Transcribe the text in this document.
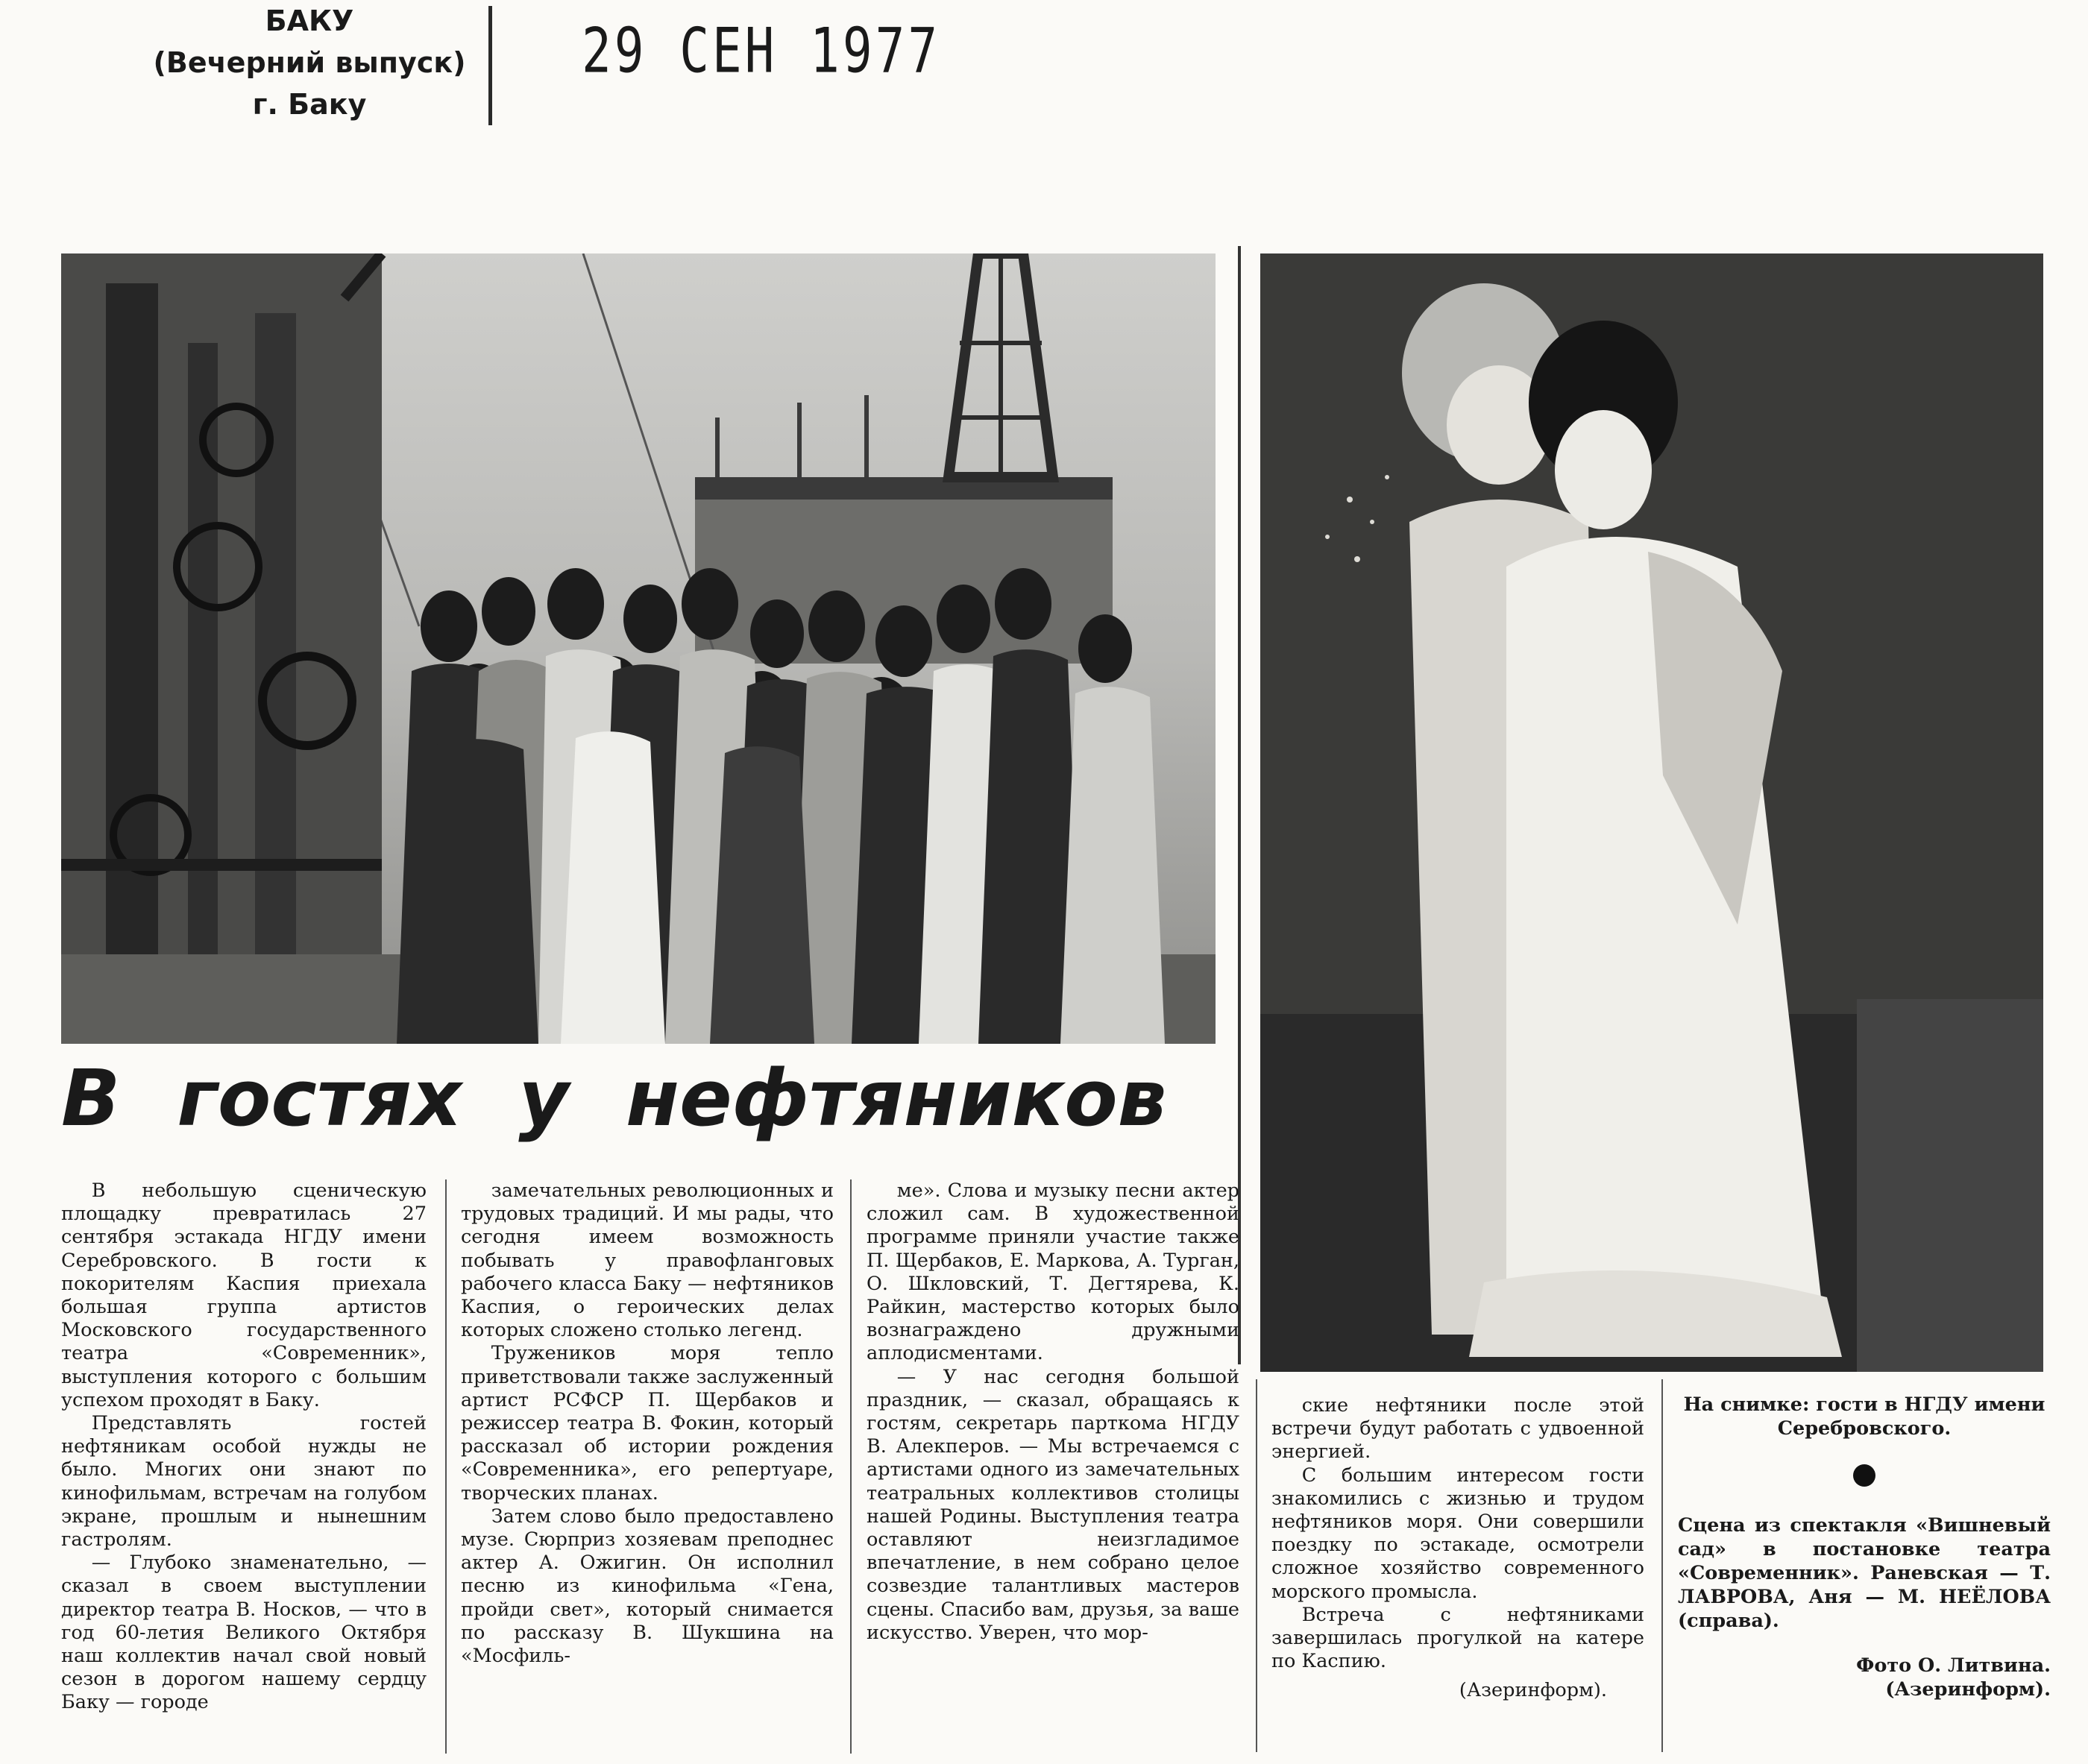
БАКУ
(Вечерний выпуск)
г. Баку
29 СЕН 1977
В гостях у нефтяников

В небольшую сценическую площадку превратилась 27 сентября эстакада НГДУ имени Серебровского. В гости к покорителям Каспия приехала большая группа артистов Московского государственного театра «Современник», выступления которого с большим успехом проходят в Баку.

Представлять гостей нефтяникам особой нужды не было. Многих они знают по кинофильмам, встречам на голубом экране, прошлым и нынешним гастролям.

— Глубоко знаменательно, — сказал в своем выступлении директор театра В. Носков, — что в год 60-летия Великого Октября наш коллектив начал свой новый сезон в дорогом нашему сердцу Баку — городе

замечательных революционных и трудовых традиций. И мы рады, что сегодня имеем возможность побывать у правофланговых рабочего класса Баку — нефтяников Каспия, о героических делах которых сложено столько легенд.

Тружеников моря тепло приветствовали также заслуженный артист РСФСР П. Щербаков и режиссер театра В. Фокин, который рассказал об истории рождения «Современника», его репертуаре, творческих планах.

Затем слово было предоставлено музе. Сюрприз хозяевам преподнес актер А. Ожигин. Он исполнил песню из кинофильма «Гена, пройди свет», который снимается по рассказу В. Шукшина на «Мосфиль-

ме». Слова и музыку песни актер сложил сам. В художественной программе приняли участие также П. Щербаков, Е. Маркова, А. Турган, О. Шкловский, Т. Дегтярева, К. Райкин, мастерство которых было вознаграждено дружными аплодисментами.

— У нас сегодня большой праздник, — сказал, обращаясь к гостям, секретарь парткома НГДУ В. Алекперов. — Мы встречаемся с артистами одного из замечательных театральных коллективов столицы нашей Родины. Выступления театра оставляют неизгладимое впечатление, в нем собрано целое созвездие талантливых мастеров сцены. Спасибо вам, друзья, за ваше искусство. Уверен, что мор-

ские нефтяники после этой встречи будут работать с удвоенной энергией.

С большим интересом гости знакомились с жизнью и трудом нефтяников моря. Они совершили поездку по эстакаде, осмотрели сложное хозяйство современного морского промысла.

Встреча с нефтяниками завершилась прогулкой на катере по Каспию.

(Азеринформ).
На снимке: гости в НГДУ имени Серебровского.
Сцена из спектакля «Вишневый сад» в постановке театра «Современник». Раневская — Т. ЛАВРОВА, Аня — М. НЕЁЛОВА (справа).
Фото О. Литвина.
(Азеринформ).
